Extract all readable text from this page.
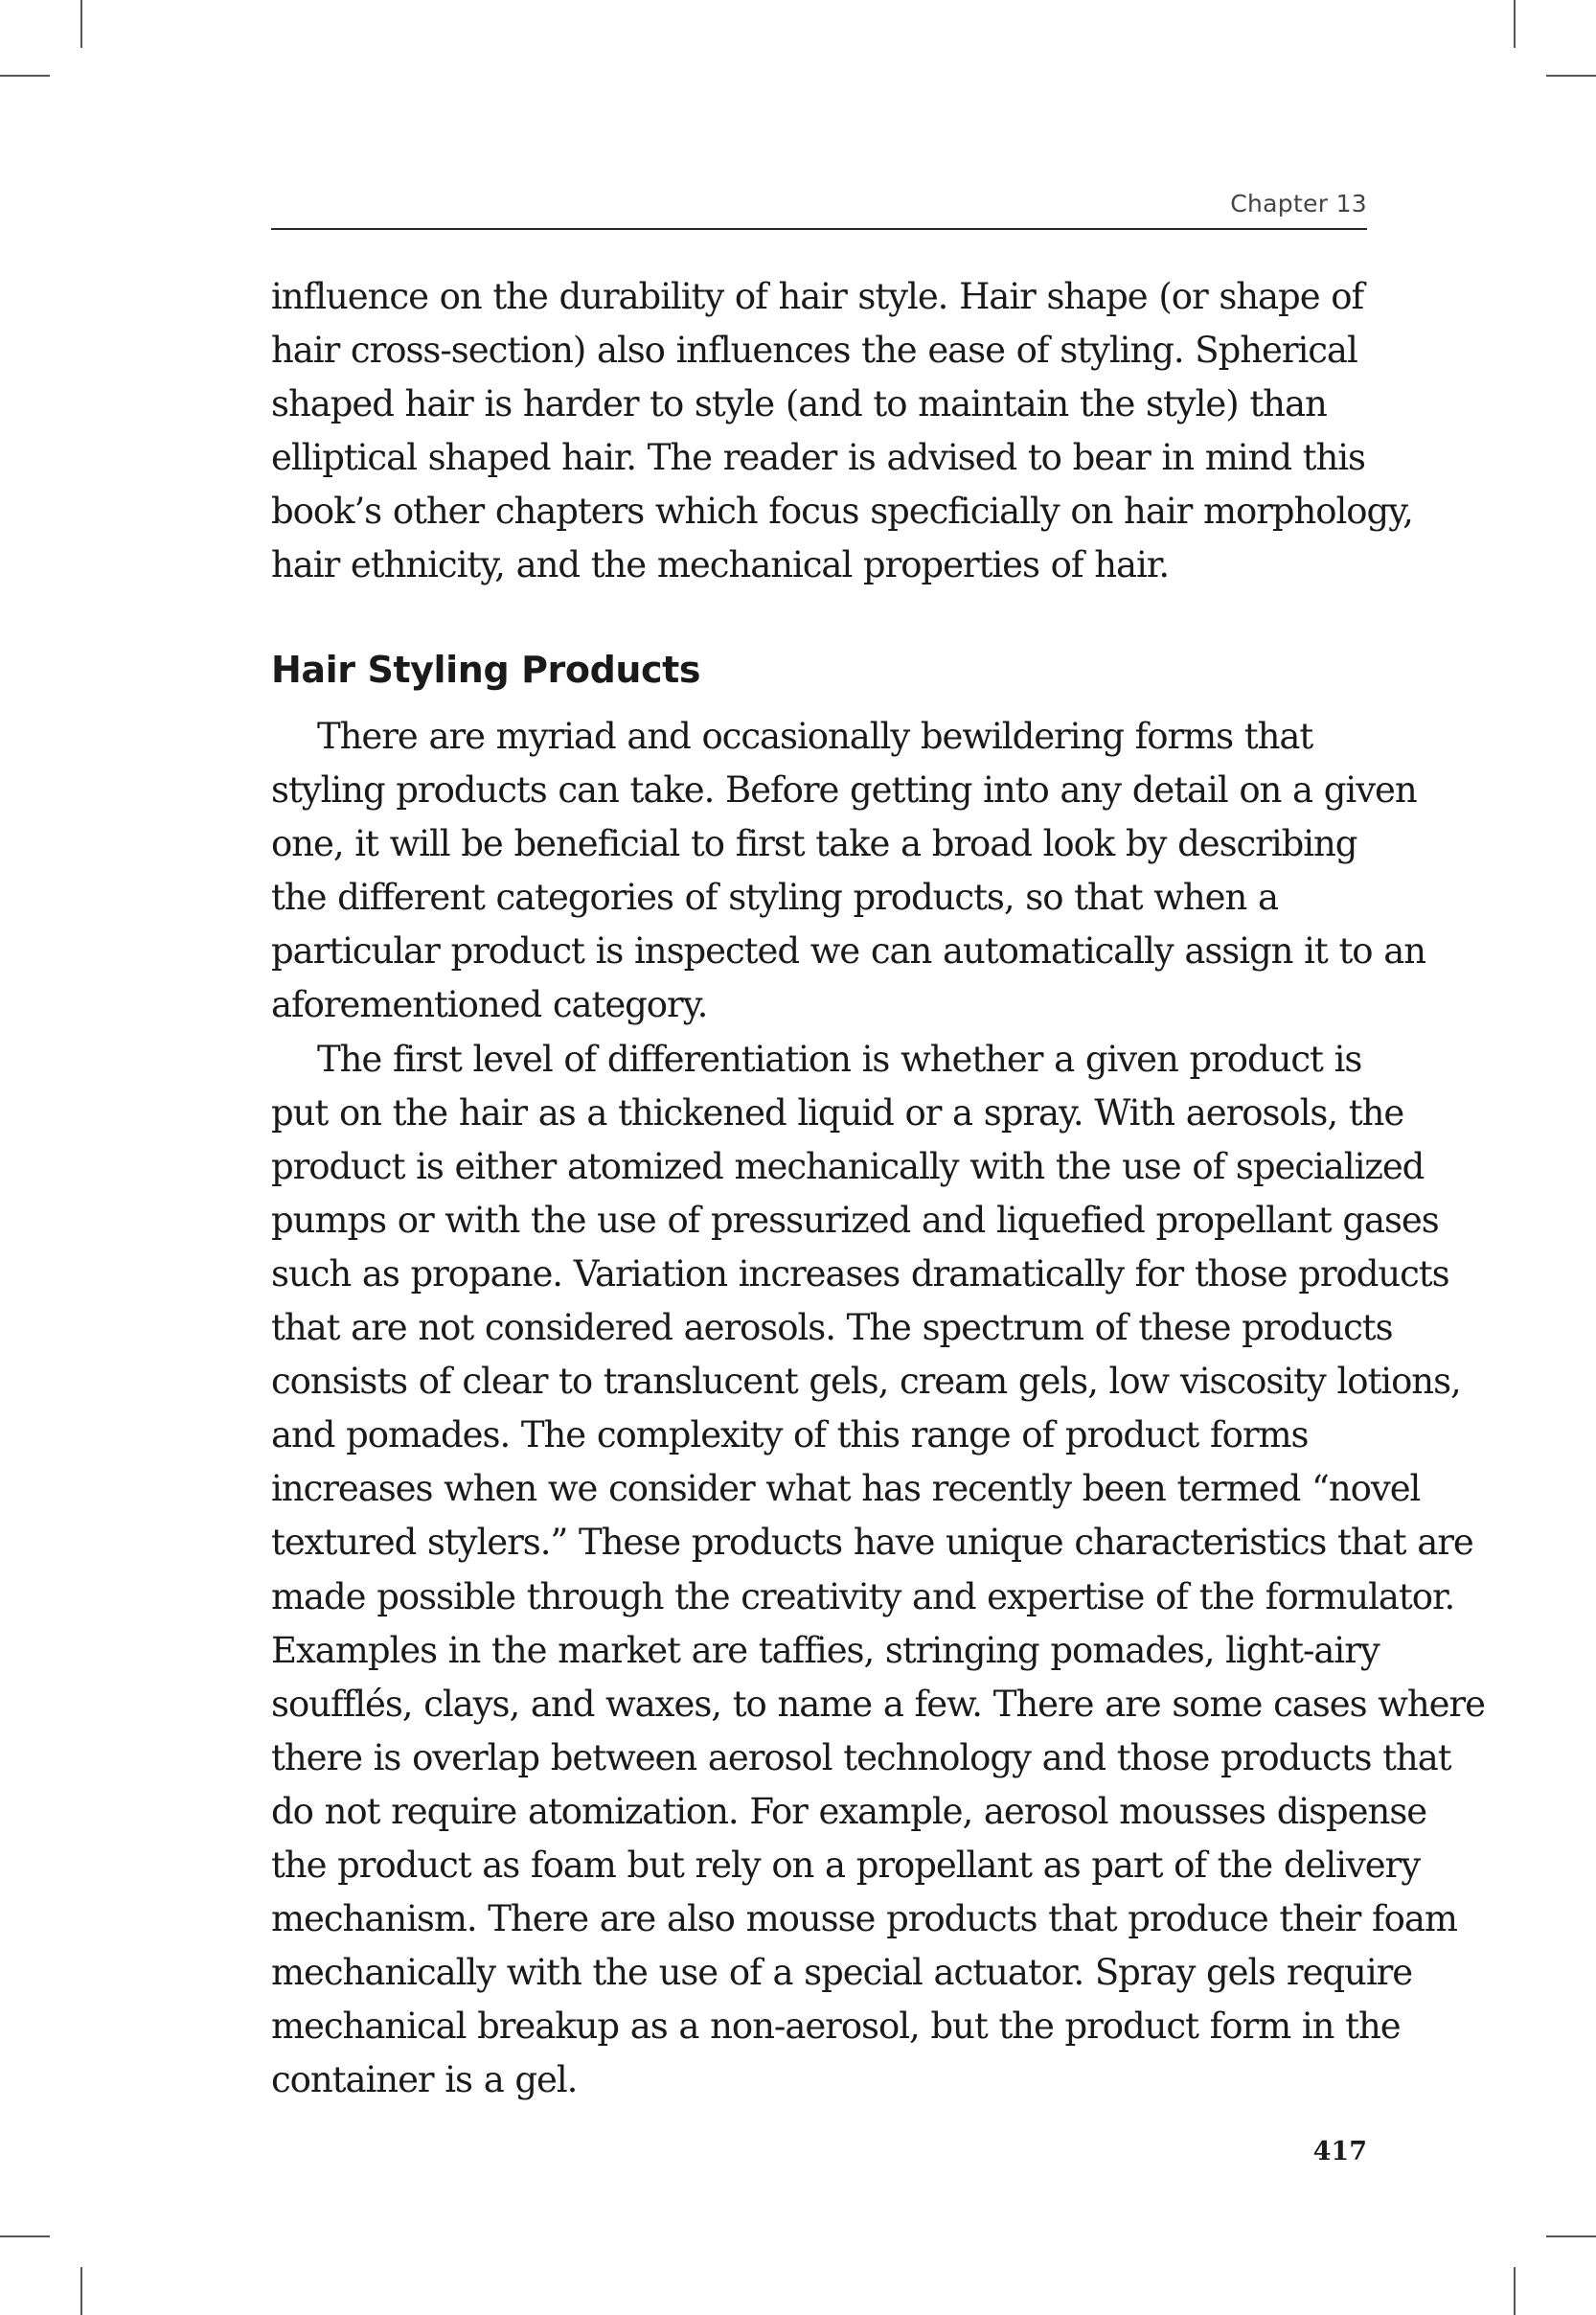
Chapter 13
influence on the durability of hair style. Hair shape (or shape of
hair cross-section) also influences the ease of styling. Spherical
shaped hair is harder to style (and to maintain the style) than
elliptical shaped hair. The reader is advised to bear in mind this
book’s other chapters which focus specficially on hair morphology,
hair ethnicity, and the mechanical properties of hair.
Hair Styling Products
There are myriad and occasionally bewildering forms that
styling products can take. Before getting into any detail on a given
one, it will be beneficial to first take a broad look by describing
the different categories of styling products, so that when a
particular product is inspected we can automatically assign it to an
aforementioned category.
The first level of differentiation is whether a given product is
put on the hair as a thickened liquid or a spray. With aerosols, the
product is either atomized mechanically with the use of specialized
pumps or with the use of pressurized and liquefied propellant gases
such as propane. Variation increases dramatically for those products
that are not considered aerosols. The spectrum of these products
consists of clear to translucent gels, cream gels, low viscosity lotions,
and pomades. The complexity of this range of product forms
increases when we consider what has recently been termed “novel
textured stylers.” These products have unique characteristics that are
made possible through the creativity and expertise of the formulator.
Examples in the market are taffies, stringing pomades, light-airy
soufflés, clays, and waxes, to name a few. There are some cases where
there is overlap between aerosol technology and those products that
do not require atomization. For example, aerosol mousses dispense
the product as foam but rely on a propellant as part of the delivery
mechanism. There are also mousse products that produce their foam
mechanically with the use of a special actuator. Spray gels require
mechanical breakup as a non-aerosol, but the product form in the
container is a gel.
417
